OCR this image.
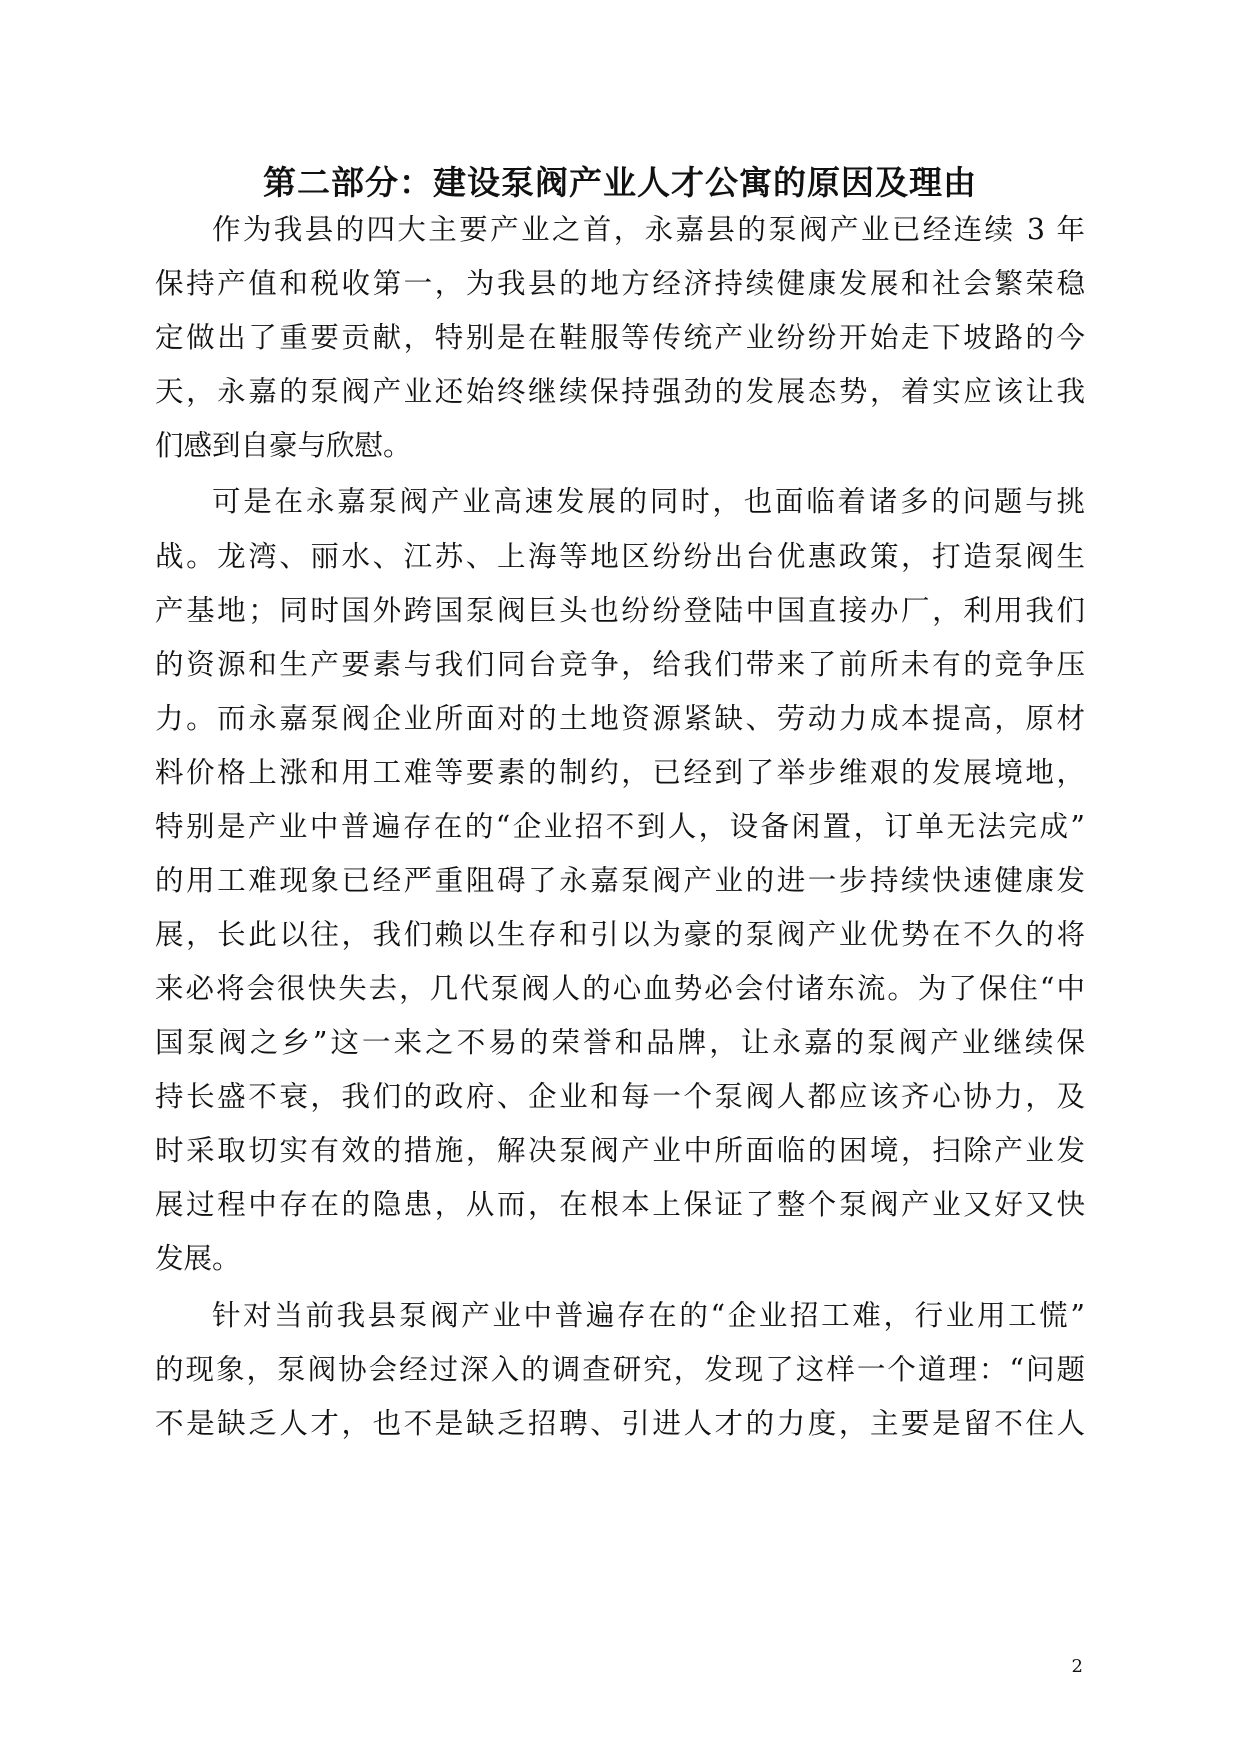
第二部分：建设泵阀产业人才公寓的原因及理由
作为我县的四大主要产业之首，永嘉县的泵阀产业已经连续 3 年
保持产值和税收第一，为我县的地方经济持续健康发展和社会繁荣稳
定做出了重要贡献，特别是在鞋服等传统产业纷纷开始走下坡路的今
天，永嘉的泵阀产业还始终继续保持强劲的发展态势，着实应该让我
们感到自豪与欣慰。
可是在永嘉泵阀产业高速发展的同时，也面临着诸多的问题与挑
战。龙湾、丽水、江苏、上海等地区纷纷出台优惠政策，打造泵阀生
产基地；同时国外跨国泵阀巨头也纷纷登陆中国直接办厂，利用我们
的资源和生产要素与我们同台竞争，给我们带来了前所未有的竞争压
力。而永嘉泵阀企业所面对的土地资源紧缺、劳动力成本提高，原材
料价格上涨和用工难等要素的制约，已经到了举步维艰的发展境地，
特别是产业中普遍存在的“企业招不到人，设备闲置，订单无法完成”
的用工难现象已经严重阻碍了永嘉泵阀产业的进一步持续快速健康发
展，长此以往，我们赖以生存和引以为豪的泵阀产业优势在不久的将
来必将会很快失去，几代泵阀人的心血势必会付诸东流。为了保住“中
国泵阀之乡”这一来之不易的荣誉和品牌，让永嘉的泵阀产业继续保
持长盛不衰，我们的政府、企业和每一个泵阀人都应该齐心协力，及
时采取切实有效的措施，解决泵阀产业中所面临的困境，扫除产业发
展过程中存在的隐患，从而，在根本上保证了整个泵阀产业又好又快
发展。
针对当前我县泵阀产业中普遍存在的“企业招工难，行业用工慌”
的现象，泵阀协会经过深入的调查研究，发现了这样一个道理：“问题
不是缺乏人才，也不是缺乏招聘、引进人才的力度，主要是留不住人
2
